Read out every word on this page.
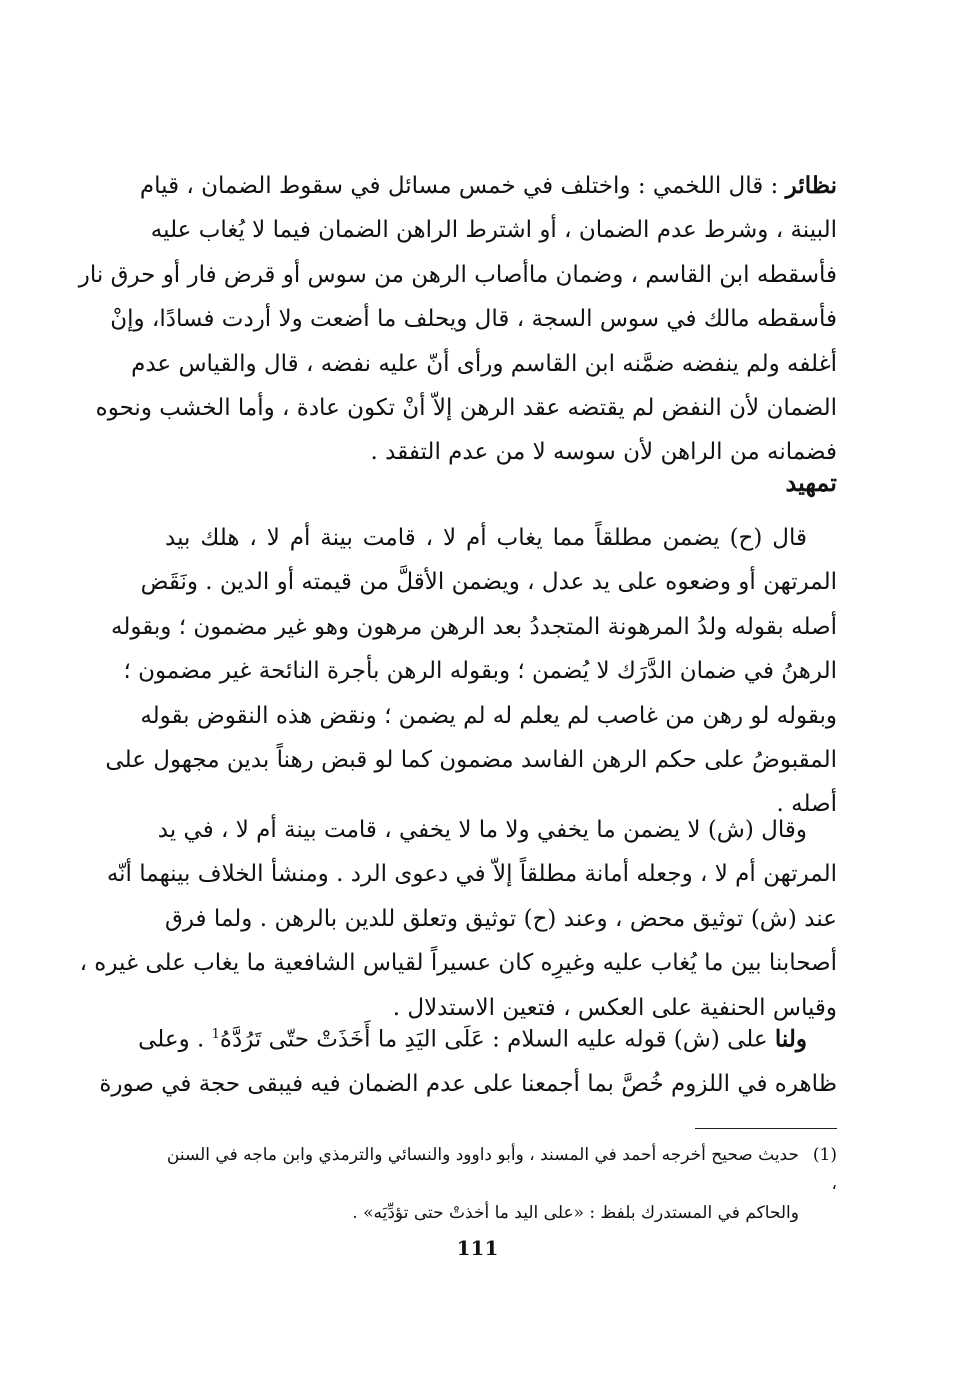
نظائر : قال اللخمي : واختلف في خمس مسائل في سقوط الضمان ، قيام
البينة ، وشرط عدم الضمان ، أو اشترط الراهن الضمان فيما لا يُغاب عليه
فأسقطه ابن القاسم ، وضمان ماأصاب الرهن من سوس أو قرض فار أو حرق نار
فأسقطه مالك في سوس السجة ، قال ويحلف ما أضعت ولا أردت فسادًا، وإنْ
أغلفه ولم ينفضه ضمَّنه ابن القاسم ورأى أنّ عليه نفضه ، قال والقياس عدم
الضمان لأن النفض لم يقتضه عقد الرهن إلاّ أنْ تكون عادة ، وأما الخشب ونحوه
فضمانه من الراهن لأن سوسه لا من عدم التفقد .
تمهيد
قال (ح) يضمن مطلقاً مما يغاب أم لا ، قامت بينة أم لا ، هلك بيد
المرتهن أو وضعوه على يد عدل ، ويضمن الأقلَّ من قيمته أو الدين . ونَقَض
أصله بقوله ولدُ المرهونة المتجددُ بعد الرهن مرهون وهو غير مضمون ؛ وبقوله
الرهنُ في ضمان الدَّرَك لا يُضمن ؛ وبقوله الرهن بأجرة النائحة غير مضمون ؛
وبقوله لو رهن من غاصب لم يعلم له لم يضمن ؛ ونقض هذه النقوض بقوله
المقبوضُ على حكم الرهن الفاسد مضمون كما لو قبض رهناً بدين مجهول على
أصله .
وقال (ش) لا يضمن ما يخفي ولا ما لا يخفي ، قامت بينة أم لا ، في يد
المرتهن أم لا ، وجعله أمانة مطلقاً إلاّ في دعوى الرد . ومنشأ الخلاف بينهما أنّه
عند (ش) توثيق محض ، وعند (ح) توثيق وتعلق للدين بالرهن . ولما فرق
أصحابنا بين ما يُغاب عليه وغيرِه كان عسيراً لقياس الشافعية ما يغاب على غيره ،
وقياس الحنفية على العكس ، فتعين الاستدلال .
ولنا على (ش) قوله عليه السلام : عَلَى اليَدِ ما أَخَذَتْ حتّى تَرُدَّهُ$^1$ . وعلى
ظاهره في اللزوم خُصَّ بما أجمعنا على عدم الضمان فيه فيبقى حجة في صورة
(1)حديث صحيح أخرجه أحمد في المسند ، وأبو داوود والنسائي والترمذي وابن ماجه في السنن ،
والحاكم في المستدرك بلفظ : «على اليد ما أخذتْ حتى تؤدِّيَه» .
111
